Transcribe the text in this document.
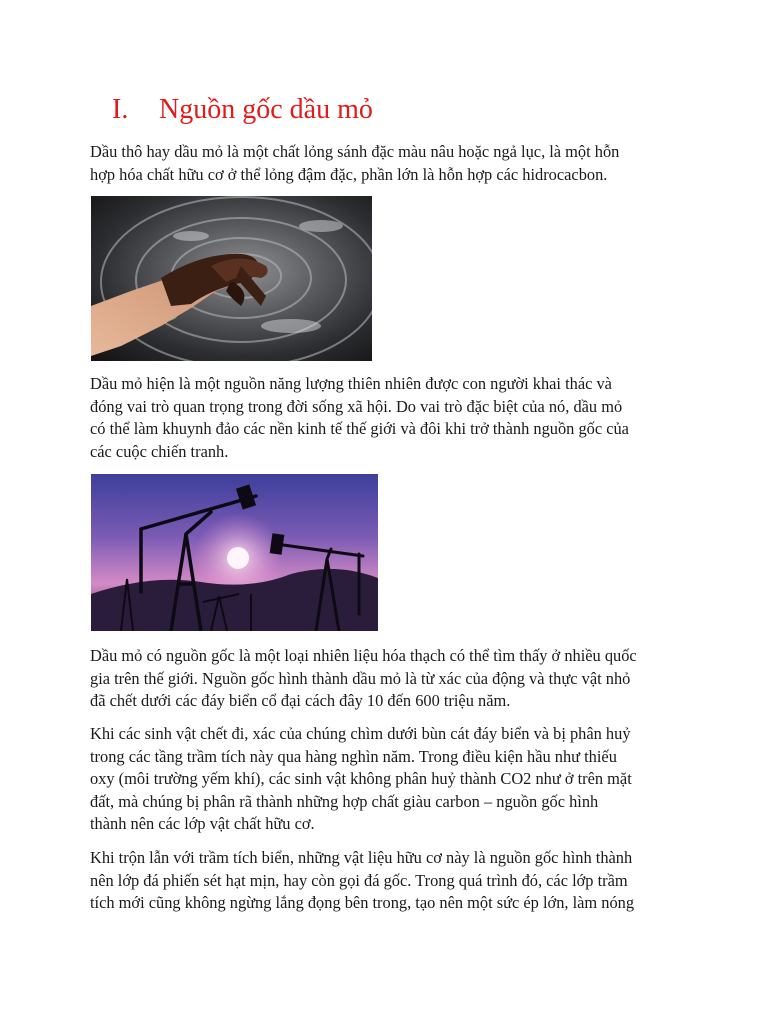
I. Nguồn gốc dầu mỏ

Dầu thô hay dầu mỏ là một chất lỏng sánh đặc màu nâu hoặc ngả lục, là một hỗn
hợp hóa chất hữu cơ ở thể lỏng đậm đặc, phần lớn là hỗn hợp các hidrocacbon.

Dầu mỏ hiện là một nguồn năng lượng thiên nhiên được con người khai thác và
đóng vai trò quan trọng trong đời sống xã hội. Do vai trò đặc biệt của nó, dầu mỏ
có thể làm khuynh đảo các nền kinh tế thế giới và đôi khi trở thành nguồn gốc của
các cuộc chiến tranh.

Dầu mỏ có nguồn gốc là một loại nhiên liệu hóa thạch có thể tìm thấy ở nhiều quốc
gia trên thế giới. Nguồn gốc hình thành dầu mỏ là từ xác của động và thực vật nhỏ
đã chết dưới các đáy biển cổ đại cách đây 10 đến 600 triệu năm.

Khi các sinh vật chết đi, xác của chúng chìm dưới bùn cát đáy biển và bị phân huỷ
trong các tầng trầm tích này qua hàng nghìn năm. Trong điều kiện hầu như thiếu
oxy (môi trường yếm khí), các sinh vật không phân huỷ thành CO2 như ở trên mặt
đất, mà chúng bị phân rã thành những hợp chất giàu carbon – nguồn gốc hình
thành nên các lớp vật chất hữu cơ.

Khi trộn lẫn với trầm tích biển, những vật liệu hữu cơ này là nguồn gốc hình thành
nên lớp đá phiến sét hạt mịn, hay còn gọi đá gốc. Trong quá trình đó, các lớp trầm
tích mới cũng không ngừng lắng đọng bên trong, tạo nên một sức ép lớn, làm nóng
